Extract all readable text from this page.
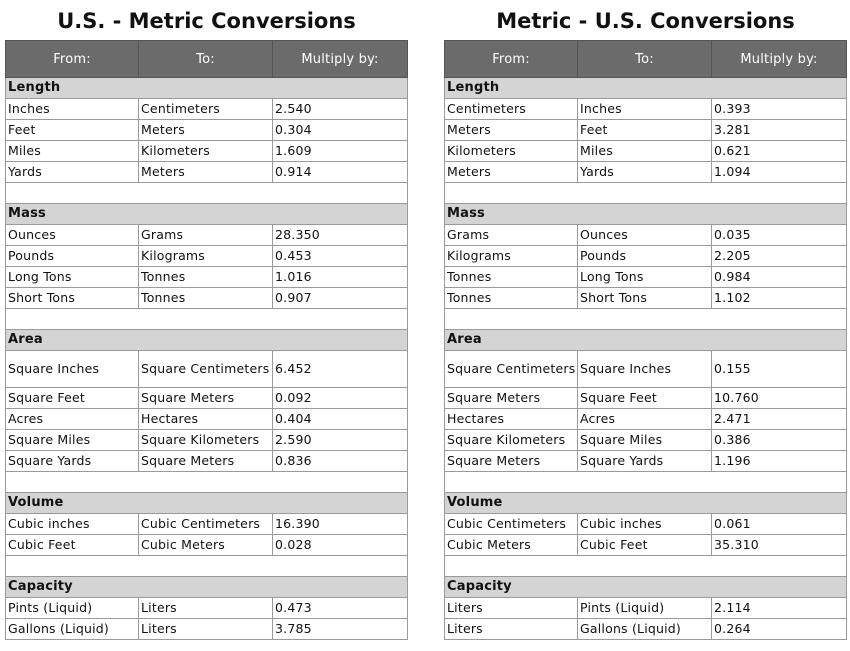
U.S. - Metric Conversions
From:	To:	Multiply by:
Length		
Inches	Centimeters	2.540
Feet	Meters	0.304
Miles	Kilometers	1.609
Yards	Meters	0.914

Mass		
Ounces	Grams	28.350
Pounds	Kilograms	0.453
Long Tons	Tonnes	1.016
Short Tons	Tonnes	0.907

Area		
Square Inches	Square Centimeters	6.452
Square Feet	Square Meters	0.092
Acres	Hectares	0.404
Square Miles	Square Kilometers	2.590
Square Yards	Square Meters	0.836

Volume		
Cubic inches	Cubic Centimeters	16.390
Cubic Feet	Cubic Meters	0.028

Capacity		
Pints (Liquid)	Liters	0.473
Gallons (Liquid)	Liters	3.785
Metric - U.S. Conversions
From:	To:	Multiply by:
Length		
Centimeters	Inches	0.393
Meters	Feet	3.281
Kilometers	Miles	0.621
Meters	Yards	1.094

Mass		
Grams	Ounces	0.035
Kilograms	Pounds	2.205
Tonnes	Long Tons	0.984
Tonnes	Short Tons	1.102

Area		
Square Centimeters	Square Inches	0.155
Square Meters	Square Feet	10.760
Hectares	Acres	2.471
Square Kilometers	Square Miles	0.386
Square Meters	Square Yards	1.196

Volume		
Cubic Centimeters	Cubic inches	0.061
Cubic Meters	Cubic Feet	35.310

Capacity		
Liters	Pints (Liquid)	2.114
Liters	Gallons (Liquid)	0.264
